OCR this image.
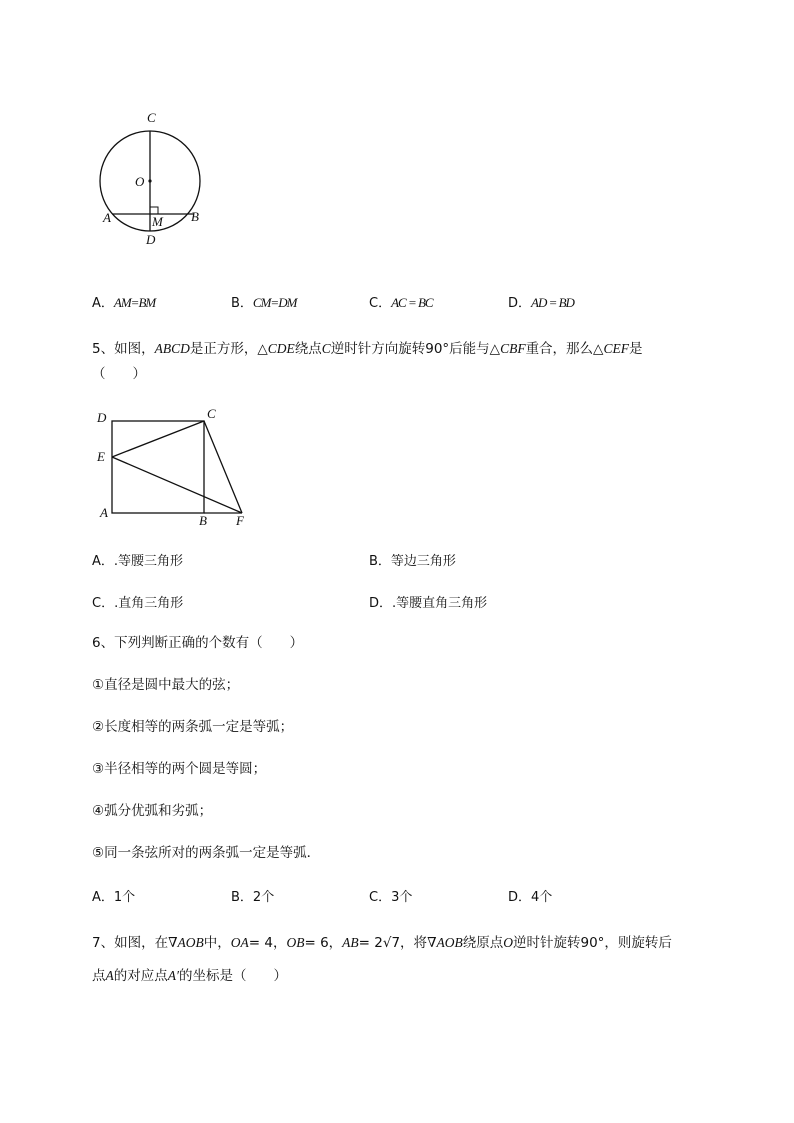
C
O
A	M B
D
A．AM=BM	B．CM=DM	C．AC = BC	D．AD = BD
5、如图，ABCD是正方形，△CDE绕点C逆时针方向旋转90°后能与△CBF重合，那么△CEF是
（　　）
D	C
E
A
B F
A．.等腰三角形	B．等边三角形
C．.直角三角形	D．.等腰直角三角形
6、下列判断正确的个数有（　　）
①直径是圆中最大的弦；
②长度相等的两条弧一定是等弧；
③半径相等的两个圆是等圆；
④弧分优弧和劣弧；
⑤同一条弦所对的两条弧一定是等弧．
A．1个	B．2个	C．3个	D．4个
7、如图，在∇AOB中，OA= 4，OB= 6，AB= 2√7，将∇AOB绕原点O逆时针旋转90°，则旋转后
点A的对应点A′的坐标是（　　）
